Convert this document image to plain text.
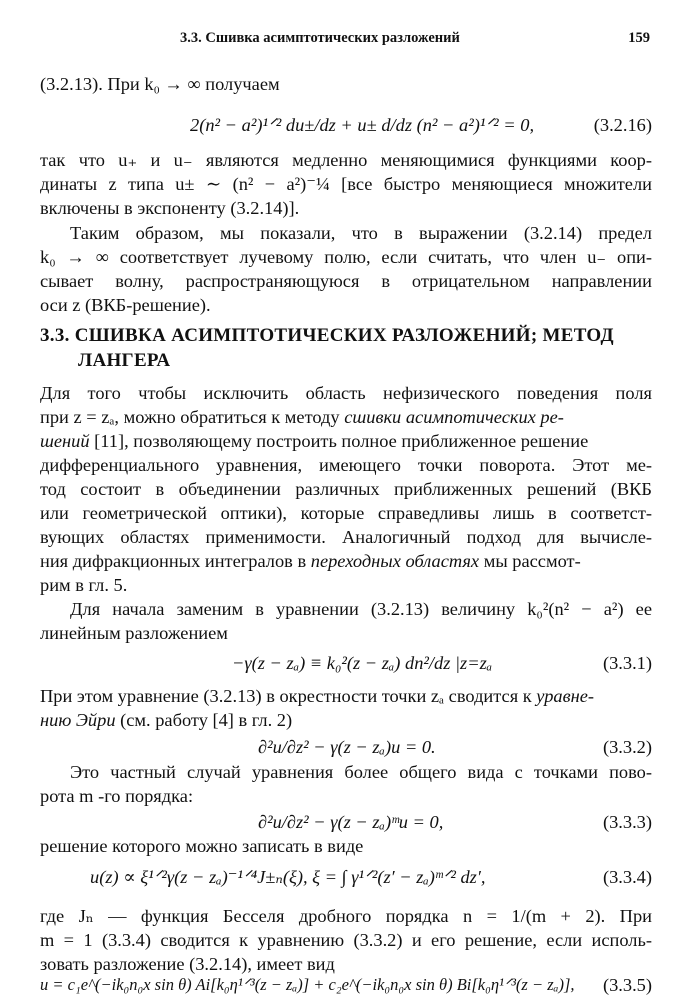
3.3. Сшивка асимптотических разложений	159
(3.2.13). При k₀ → ∞ получаем
2(n² − a²)¹ᐟ² du±/dz + u± d/dz (n² − a²)¹ᐟ² = 0,	(3.2.16)
так что u₊ и u₋ являются медленно меняющимися функциями коор-
динаты z типа u± ∼ (n² − a²)⁻¼ [все быстро меняющиеся множители
включены в экспоненту (3.2.14)].
Таким образом, мы показали, что в выражении (3.2.14) предел
k₀ → ∞ соответствует лучевому полю, если считать, что член u₋ опи-
сывает волну, распространяющуюся в отрицательном направлении
оси z (ВКБ-решение).
3.3. СШИВКА АСИМПТОТИЧЕСКИХ РАЗЛОЖЕНИЙ; МЕТОД
ЛАНГЕРА
Для того чтобы исключить область нефизического поведения поля
при z = zₐ, можно обратиться к методу сшивки асимпотических ре-
шений [11], позволяющему построить полное приближенное решение
дифференциального уравнения, имеющего точки поворота. Этот ме-
тод состоит в объединении различных приближенных решений (ВКБ
или геометрической оптики), которые справедливы лишь в соответст-
вующих областях применимости. Аналогичный подход для вычисле-
ния дифракционных интегралов в переходных областях мы рассмот-
рим в гл. 5.
Для начала заменим в уравнении (3.2.13) величину k₀²(n² − a²) ее
линейным разложением
−γ(z − zₐ) ≡ k₀²(z − zₐ) dn²/dz |z=zₐ	(3.3.1)
При этом уравнение (3.2.13) в окрестности точки zₐ сводится к уравне-
нию Эйри (см. работу [4] в гл. 2)
∂²u/∂z² − γ(z − zₐ)u = 0.	(3.3.2)
Это частный случай уравнения более общего вида с точками пово-
рота m -го порядка:
∂²u/∂z² − γ(z − zₐ)ᵐu = 0,	(3.3.3)
решение которого можно записать в виде
u(z) ∝ ξ¹ᐟ²γ(z − zₐ)⁻¹ᐟ⁴J±ₙ(ξ), ξ = ∫ γ¹ᐟ²(z′ − zₐ)ᵐᐟ² dz′,	(3.3.4)
где Jₙ — функция Бесселя дробного порядка n = 1/(m + 2). При
m = 1 (3.3.4) сводится к уравнению (3.3.2) и его решение, если исполь-
зовать разложение (3.2.14), имеет вид
u = c₁e^(−ik₀n₀x sin θ) Ai[k₀η¹ᐟ³(z − zₐ)] + c₂e^(−ik₀n₀x sin θ) Bi[k₀η¹ᐟ³(z − zₐ)], (3.3.5)
